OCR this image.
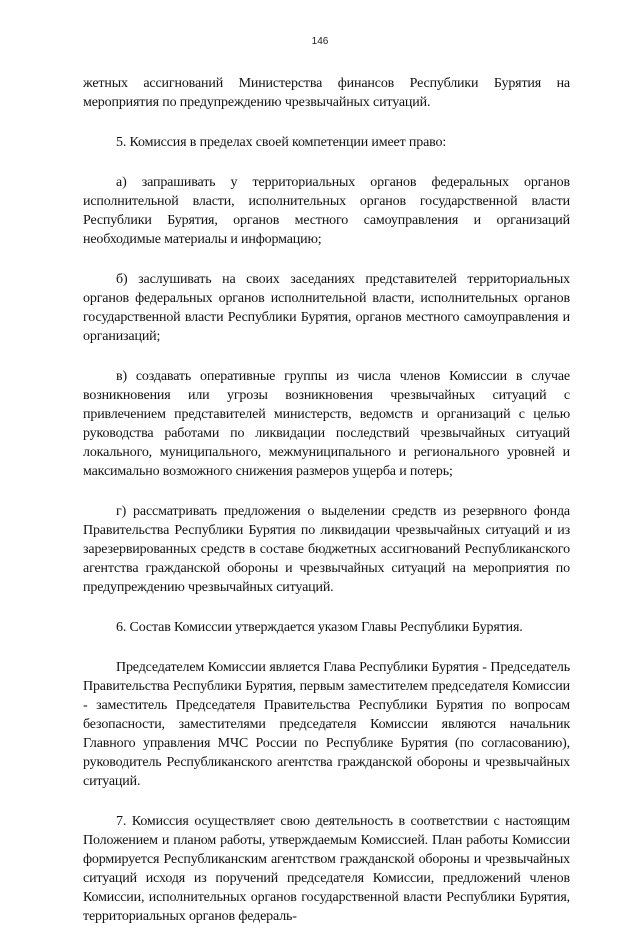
146

жетных ассигнований Министерства финансов Республики Бурятия на мероприятия по предупреждению чрезвычайных ситуаций.

5. Комиссия в пределах своей компетенции имеет право:

а) запрашивать у территориальных органов федеральных органов исполнительной власти, исполнительных органов государственной власти Республики Бурятия, органов местного самоуправления и организаций необходимые материалы и информацию;

б) заслушивать на своих заседаниях представителей территориальных органов федеральных органов исполнительной власти, исполнительных органов государственной власти Республики Бурятия, органов местного самоуправления и организаций;

в) создавать оперативные группы из числа членов Комиссии в случае возникновения или угрозы возникновения чрезвычайных ситуаций с привлечением представителей министерств, ведомств и организаций с целью руководства работами по ликвидации последствий чрезвычайных ситуаций локального, муниципального, межмуниципального и регионального уровней и максимально возможного снижения размеров ущерба и потерь;

г) рассматривать предложения о выделении средств из резервного фонда Правительства Республики Бурятия по ликвидации чрезвычайных ситуаций и из зарезервированных средств в составе бюджетных ассигнований Республиканского агентства гражданской обороны и чрезвычайных ситуаций на мероприятия по предупреждению чрезвычайных ситуаций.

6. Состав Комиссии утверждается указом Главы Республики Бурятия.

Председателем Комиссии является Глава Республики Бурятия - Председатель Правительства Республики Бурятия, первым заместителем председателя Комиссии - заместитель Председателя Правительства Республики Бурятия по вопросам безопасности, заместителями председателя Комиссии являются начальник Главного управления МЧС России по Республике Бурятия (по согласованию), руководитель Республиканского агентства гражданской обороны и чрезвычайных ситуаций.

7. Комиссия осуществляет свою деятельность в соответствии с настоящим Положением и планом работы, утверждаемым Комиссией. План работы Комиссии формируется Республиканским агентством гражданской обороны и чрезвычайных ситуаций исходя из поручений председателя Комиссии, предложений членов Комиссии, исполнительных органов государственной власти Республики Бурятия, территориальных органов федераль-
